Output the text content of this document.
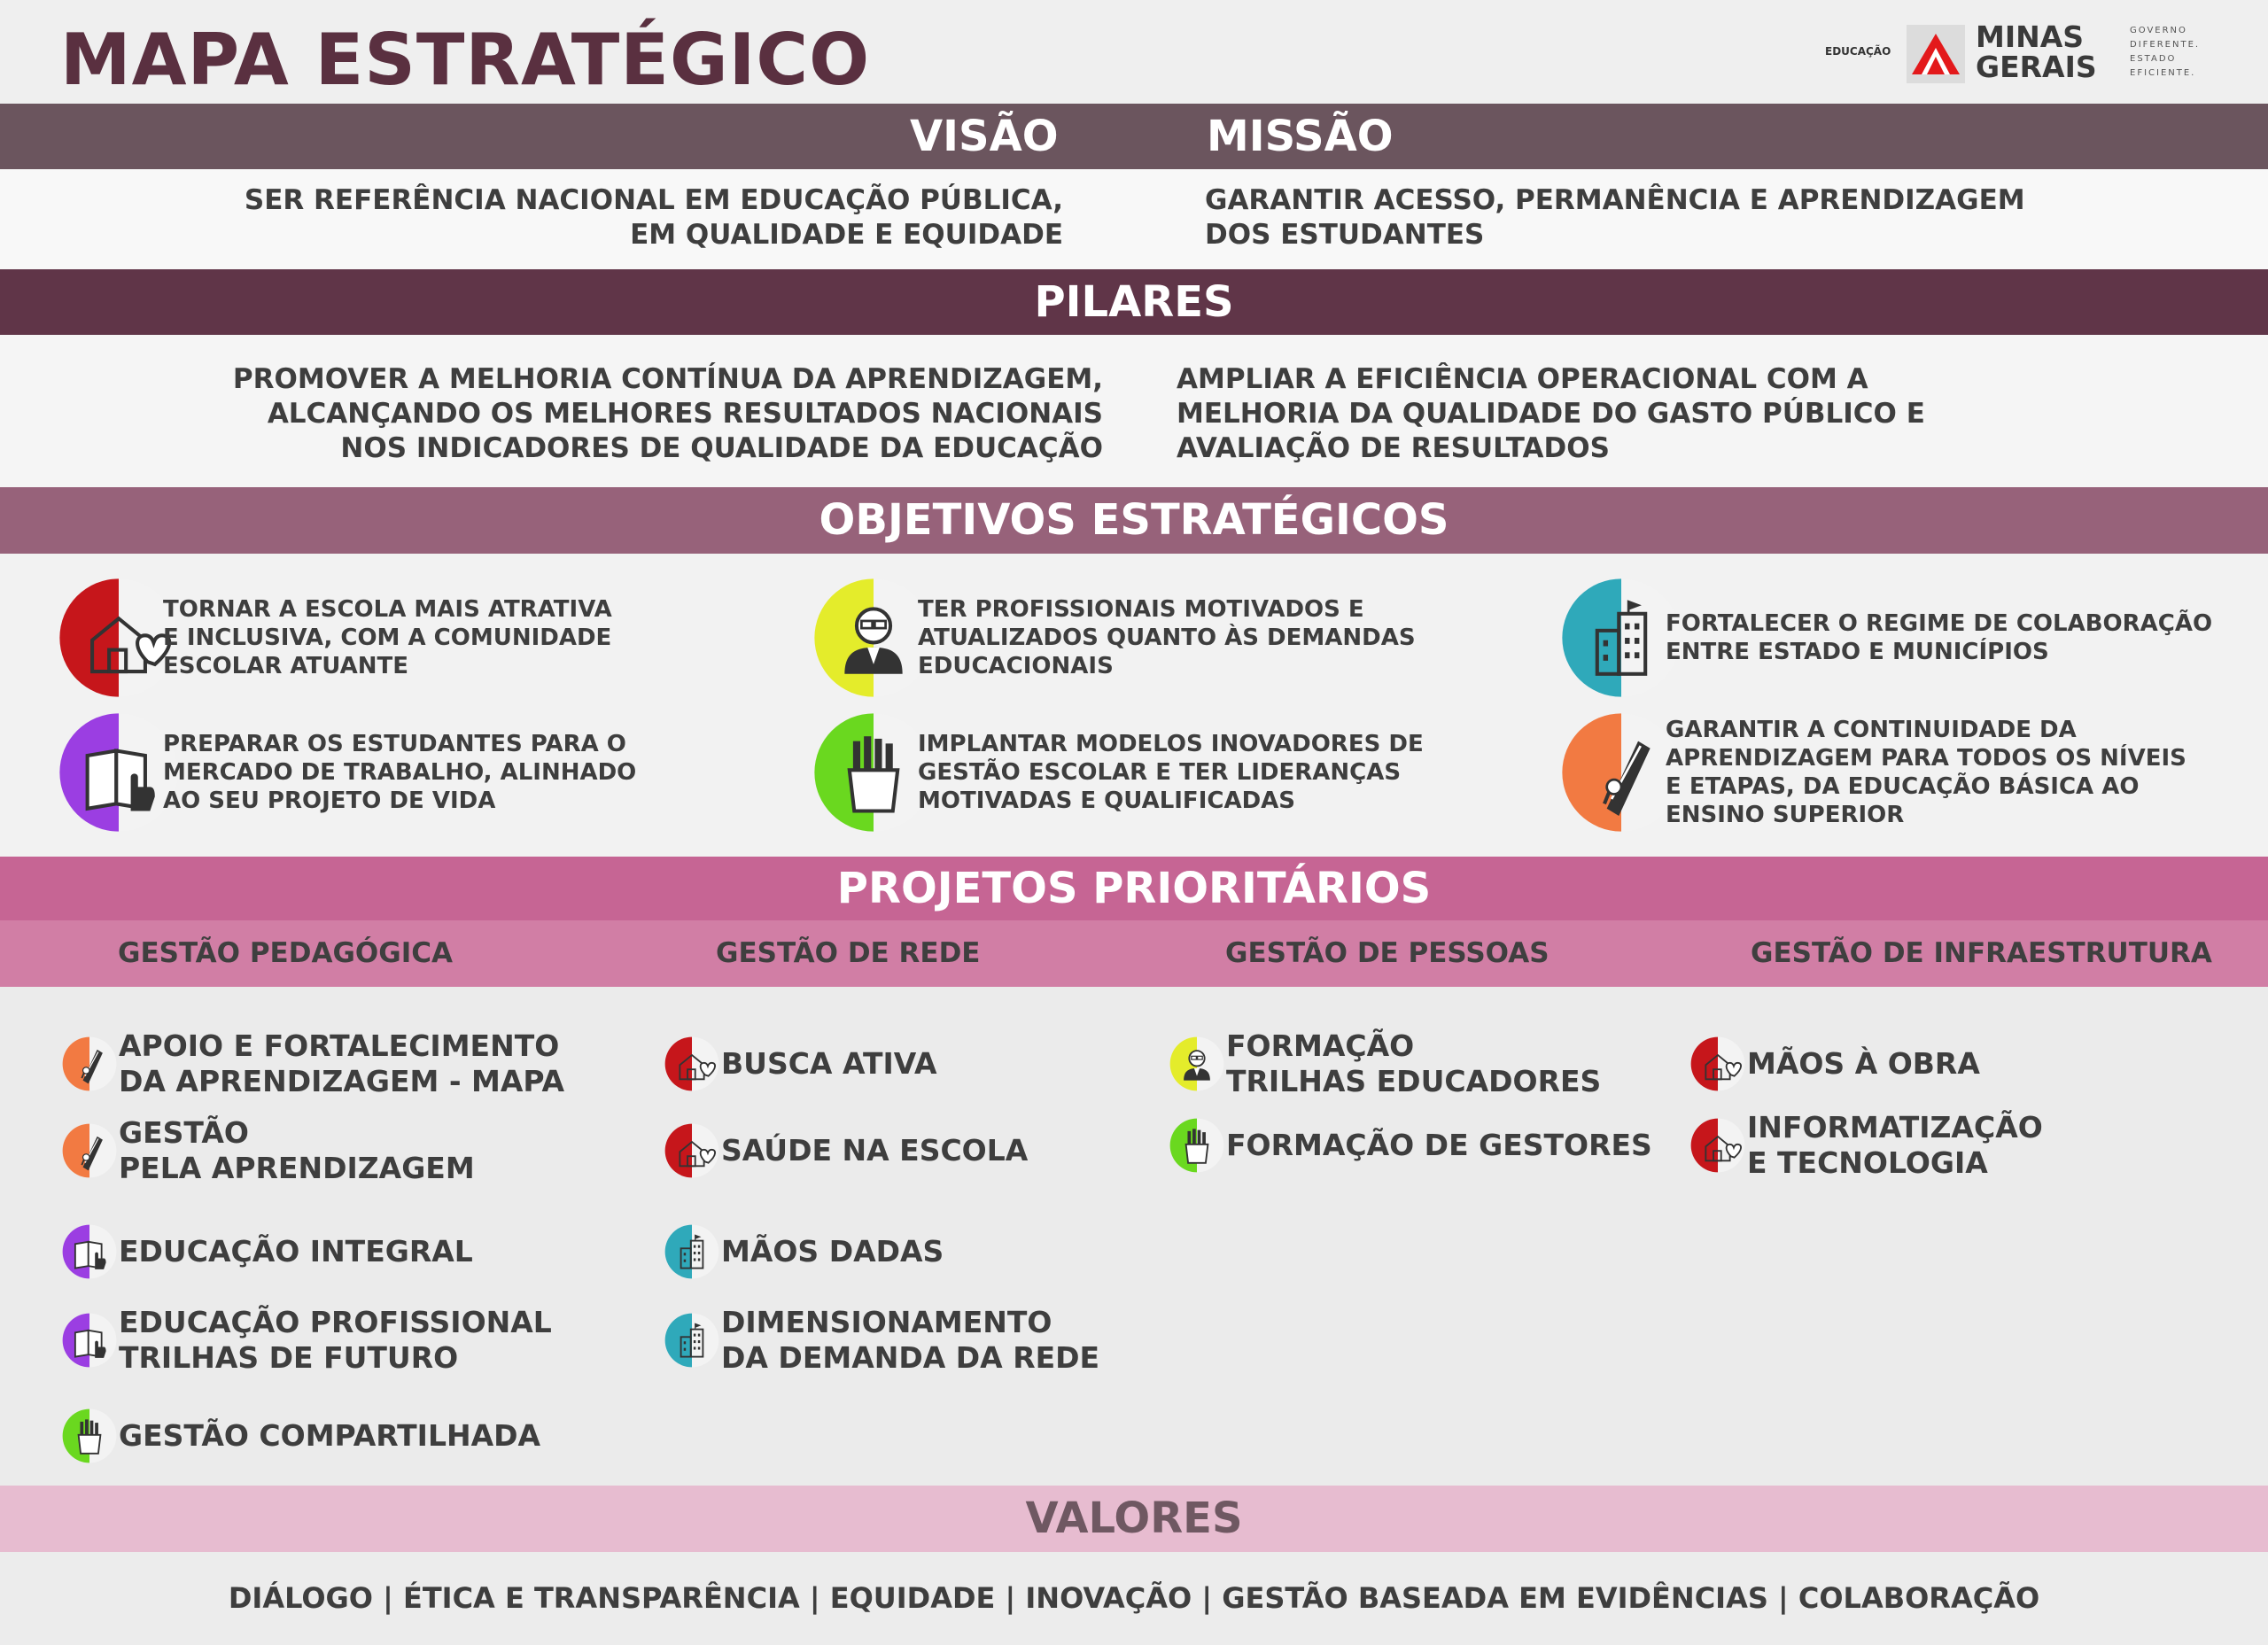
MAPA ESTRATÉGICO	EDUCAÇÃO	MINAS
GERAIS
GOVERNO
DIFERENTE.
ESTADO
EFICIENTE.
VISÃO	MISSÃO
SER REFERÊNCIA NACIONAL EM EDUCAÇÃO PÚBLICA,
EM QUALIDADE E EQUIDADE
GARANTIR ACESSO, PERMANÊNCIA E APRENDIZAGEM
DOS ESTUDANTES
PILARES
PROMOVER A MELHORIA CONTÍNUA DA APRENDIZAGEM,
ALCANÇANDO OS MELHORES RESULTADOS NACIONAIS
NOS INDICADORES DE QUALIDADE DA EDUCAÇÃO
AMPLIAR A EFICIÊNCIA OPERACIONAL COM A
MELHORIA DA QUALIDADE DO GASTO PÚBLICO E
AVALIAÇÃO DE RESULTADOS
OBJETIVOS ESTRATÉGICOS
TORNAR A ESCOLA MAIS ATRATIVA
E INCLUSIVA, COM A COMUNIDADE
ESCOLAR ATUANTE
TER PROFISSIONAIS MOTIVADOS E
ATUALIZADOS QUANTO ÀS DEMANDAS
EDUCACIONAIS
FORTALECER O REGIME DE COLABORAÇÃO
ENTRE ESTADO E MUNICÍPIOS
PREPARAR OS ESTUDANTES PARA O
MERCADO DE TRABALHO, ALINHADO
AO SEU PROJETO DE VIDA
IMPLANTAR MODELOS INOVADORES DE
GESTÃO ESCOLAR E TER LIDERANÇAS
MOTIVADAS E QUALIFICADAS
GARANTIR A CONTINUIDADE DA
APRENDIZAGEM PARA TODOS OS NÍVEIS
E ETAPAS, DA EDUCAÇÃO BÁSICA AO
ENSINO SUPERIOR
PROJETOS PRIORITÁRIOS
GESTÃO PEDAGÓGICA	GESTÃO DE REDE	GESTÃO DE PESSOAS	GESTÃO DE INFRAESTRUTURA
APOIO E FORTALECIMENTO
DA APRENDIZAGEM - MAPA
GESTÃO
PELA APRENDIZAGEM
EDUCAÇÃO INTEGRAL
EDUCAÇÃO PROFISSIONAL
TRILHAS DE FUTURO
GESTÃO COMPARTILHADA
BUSCA ATIVA
SAÚDE NA ESCOLA
MÃOS DADAS
DIMENSIONAMENTO
DA DEMANDA DA REDE
FORMAÇÃO
TRILHAS EDUCADORES
FORMAÇÃO DE GESTORES
MÃOS À OBRA
INFORMATIZAÇÃO
E TECNOLOGIA
VALORES
DIÁLOGO | ÉTICA E TRANSPARÊNCIA | EQUIDADE | INOVAÇÃO | GESTÃO BASEADA EM EVIDÊNCIAS | COLABORAÇÃO
